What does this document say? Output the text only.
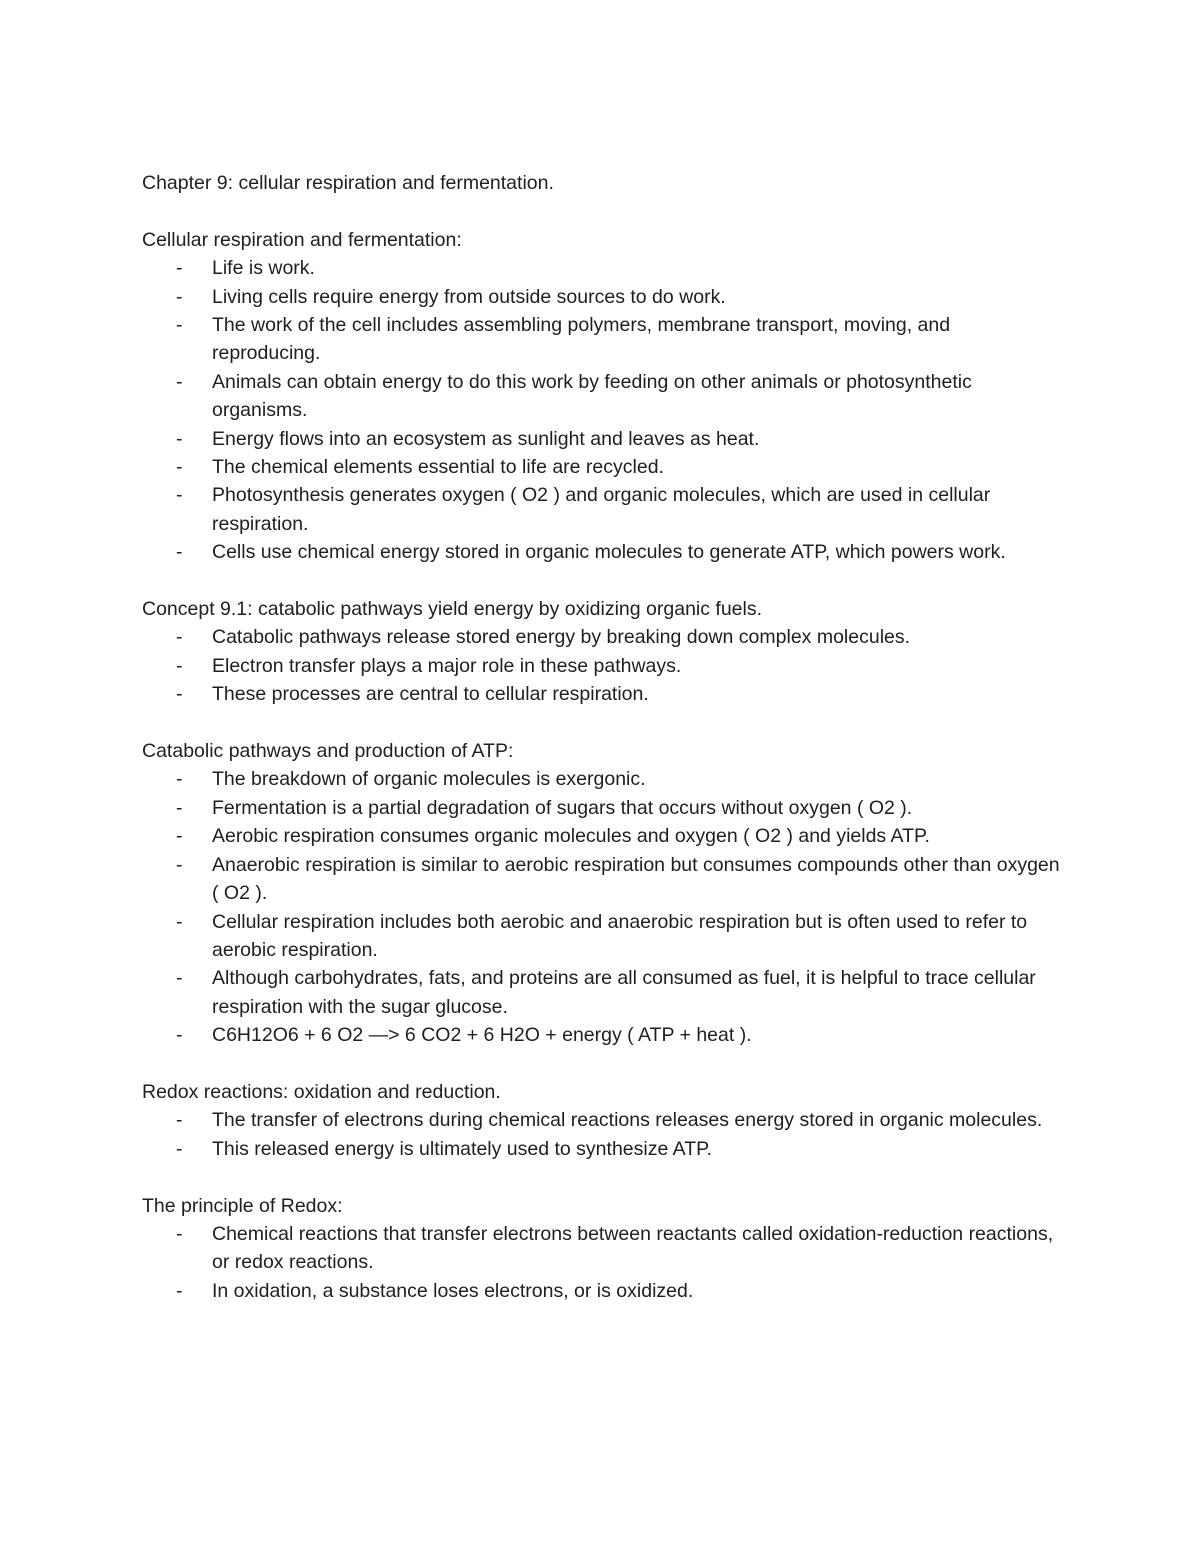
Chapter 9: cellular respiration and fermentation.
Cellular respiration and fermentation:
- Life is work.
- Living cells require energy from outside sources to do work.
- The work of the cell includes assembling polymers, membrane transport, moving, and reproducing.
- Animals can obtain energy to do this work by feeding on other animals or photosynthetic organisms.
- Energy flows into an ecosystem as sunlight and leaves as heat.
- The chemical elements essential to life are recycled.
- Photosynthesis generates oxygen ( O2 ) and organic molecules, which are used in cellular respiration.
- Cells use chemical energy stored in organic molecules to generate ATP, which powers work.
Concept 9.1: catabolic pathways yield energy by oxidizing organic fuels.
- Catabolic pathways release stored energy by breaking down complex molecules.
- Electron transfer plays a major role in these pathways.
- These processes are central to cellular respiration.
Catabolic pathways and production of ATP:
- The breakdown of organic molecules is exergonic.
- Fermentation is a partial degradation of sugars that occurs without oxygen ( O2 ).
- Aerobic respiration consumes organic molecules and oxygen ( O2 ) and yields ATP.
- Anaerobic respiration is similar to aerobic respiration but consumes compounds other than oxygen ( O2 ).
- Cellular respiration includes both aerobic and anaerobic respiration but is often used to refer to aerobic respiration.
- Although carbohydrates, fats, and proteins are all consumed as fuel, it is helpful to trace cellular respiration with the sugar glucose.
- C6H12O6 + 6 O2 —> 6 CO2 + 6 H2O + energy ( ATP + heat ).
Redox reactions: oxidation and reduction.
- The transfer of electrons during chemical reactions releases energy stored in organic molecules.
- This released energy is ultimately used to synthesize ATP.
The principle of Redox:
- Chemical reactions that transfer electrons between reactants called oxidation-reduction reactions, or redox reactions.
- In oxidation, a substance loses electrons, or is oxidized.
